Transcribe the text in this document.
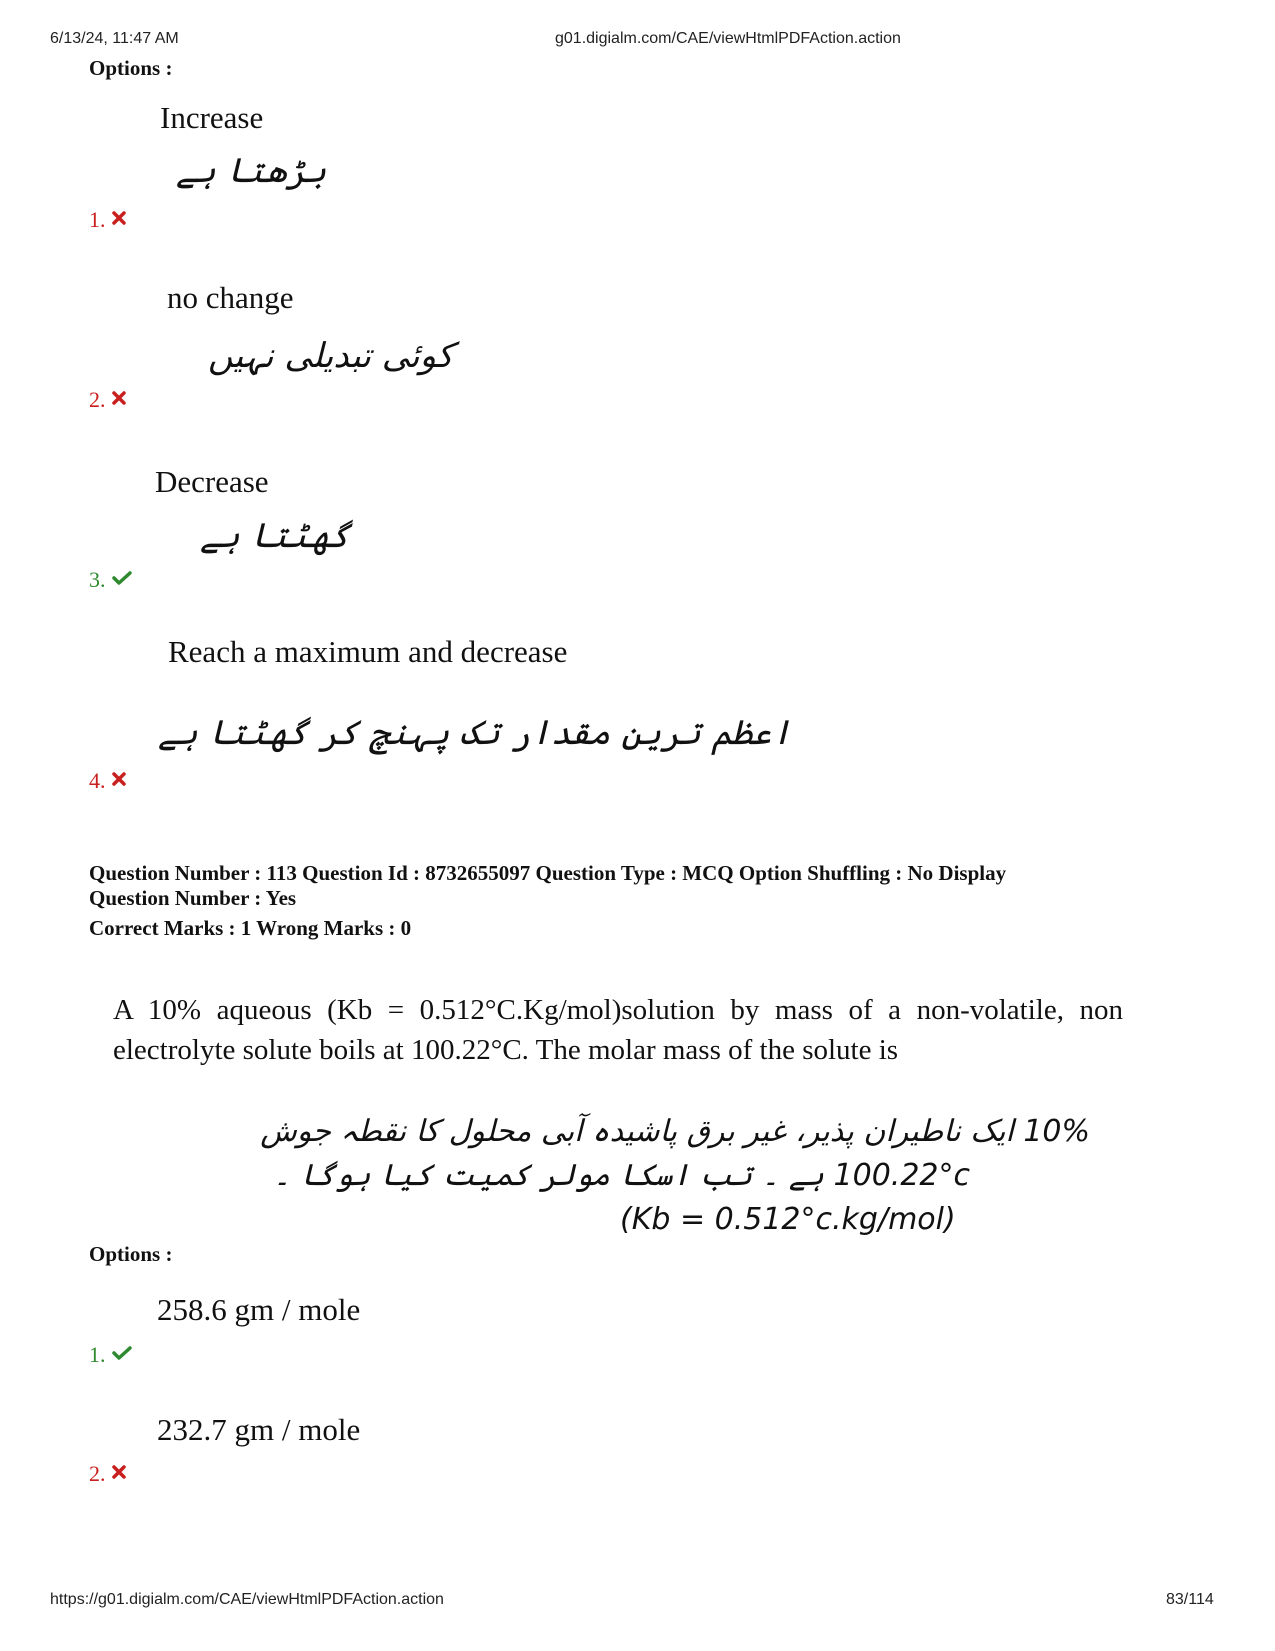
6/13/24, 11:47 AM	g01.digialm.com/CAE/viewHtmlPDFAction.action
Options :
Increase
بڑھتا ہے
1.
no change
کوئی تبدیلی نہیں
2.
Decrease
گھٹتا ہے
3.
Reach a maximum and decrease
اعظم ترین مقدار تک پہنچ کر گھٹتا ہے
4.
Question Number : 113 Question Id : 8732655097 Question Type : MCQ Option Shuffling : No Display
Question Number : Yes
Correct Marks : 1 Wrong Marks : 0
A 10% aqueous (Kb = 0.512°C.Kg/mol)solution by mass of a non-volatile, non electrolyte solute boils at 100.22°C. The molar mass of the solute is
10% ایک ناطیران پذیر، غیر برق پاشیدہ آبی محلول کا نقطہ جوش
100.22°c ہے ۔ تب اسکا مولر کمیت کیا ہوگا ۔
(Kb = 0.512°c.kg/mol)
Options :
258.6 gm / mole
1.
232.7 gm / mole
2.
https://g01.digialm.com/CAE/viewHtmlPDFAction.action	83/114
